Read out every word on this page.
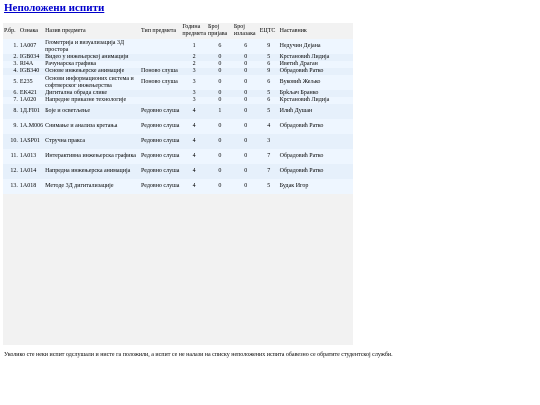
Неположени испити
Р.бр.	Ознака	Назив предмета	Тип предмета	Година предмета	Број пријава	Број излазака	ЕЦТС	Наставник
1.	1A007	Геометрија и визуализација 3Д простора		1	6	6	9	Недучин Дејана
2.	IGB034	Видео у инжењерској анимацији		2	0	0	5	Крстановић Лидија
3.	RI4A	Рачунарска графика		2	0	0	6	Иветић Драган
4.	IGB340	Основе инжењерске анимације	Поново слуша	3	0	0	9	Обрадовић Ратко
5.	E235	Основи информационих система и софтверског инжењерства	Поново слуша	3	0	0	6	Вуковић Жељко
6.	EK421	Дигитална обрада слике		3	0	0	5	Брkљач Бранко
7.	1A020	Напредне приказне технологије		3	0	0	6	Крстановић Лидија
8.	1Д.FI01	Боје и осветљење	Редовно слуша	4	1	0	5	Илић Душан
9.	1A.M006	Снимање и анализа кретања	Редовно слуша	4	0	0	4	Обрадовић Ратко
10.	1ASP01	Стручна пракса	Редовно слуша	4	0	0	3	
11.	1A013	Интерактивна инжењерска графика	Редовно слуша	4	0	0	7	Обрадовић Ратко
12.	1A014	Напредна инжењерска анимација	Редовно слуша	4	0	0	7	Обрадовић Ратко
13.	1A018	Методе 3Д дигитализације	Редовно слуша	4	0	0	5	Будак Игор

Уколико сте неки испит одслушали и нисте га положили, а испит се не налази на списку неположених испита обавезно се обратите студентској служби.
